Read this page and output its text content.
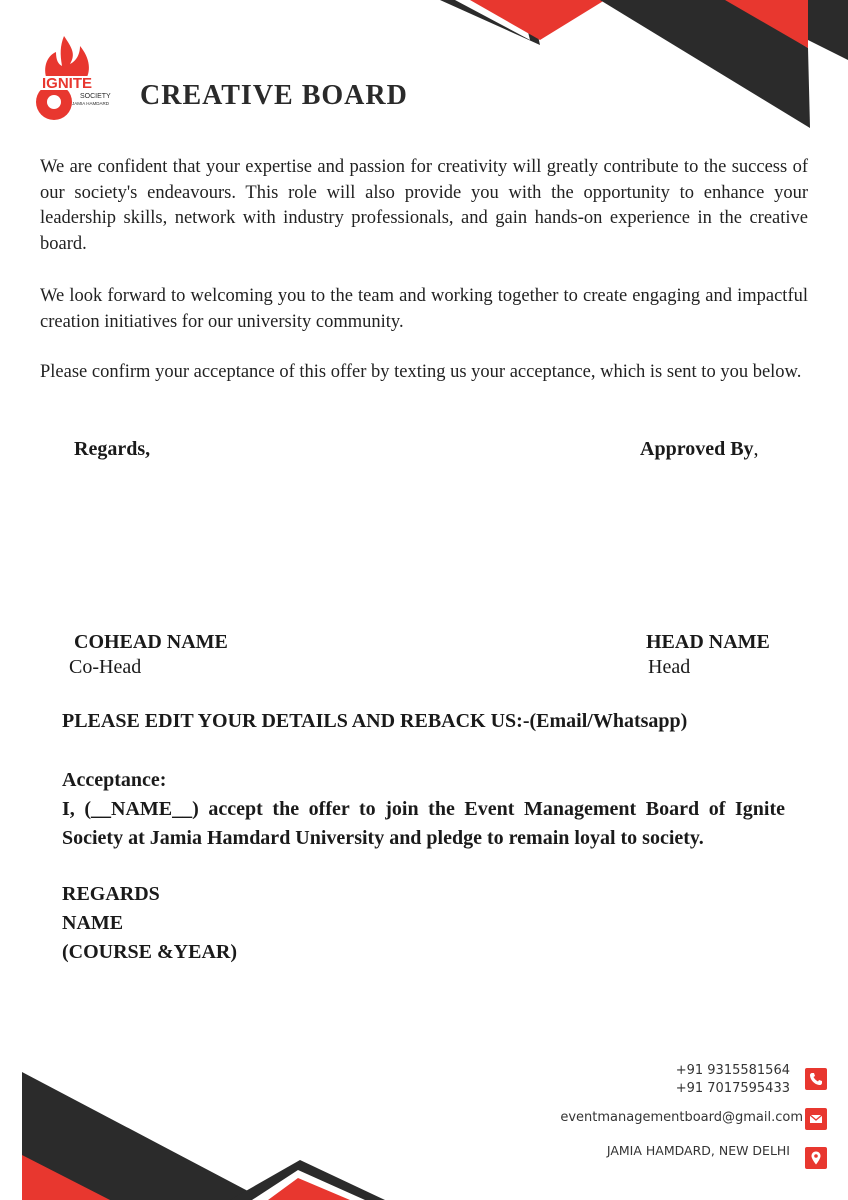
IGNITE
SOCIETY
JAMIA HAMDARD CREATIVE BOARD
We are confident that your expertise and passion for creativity will greatly contribute to the success of our society's endeavours. This role will also provide you with the opportunity to enhance your leadership skills, network with industry professionals, and gain hands-on experience in the creative board.
We look forward to welcoming you to the team and working together to create engaging and impactful creation initiatives for our university community.
Please confirm your acceptance of this offer by texting us your acceptance, which is sent to you below.
Regards,	Approved By,
COHEAD NAME
Co-Head
HEAD NAME
Head
PLEASE EDIT YOUR DETAILS AND REBACK US:-(Email/Whatsapp)
Acceptance:
I, (__NAME__) accept the offer to join the Event Management Board of Ignite Society at Jamia Hamdard University and pledge to remain loyal to society.
REGARDS
NAME
(COURSE &YEAR)
+91 9315581564
+91 7017595433
eventmanagementboard@gmail.com
JAMIA HAMDARD, NEW DELHI
